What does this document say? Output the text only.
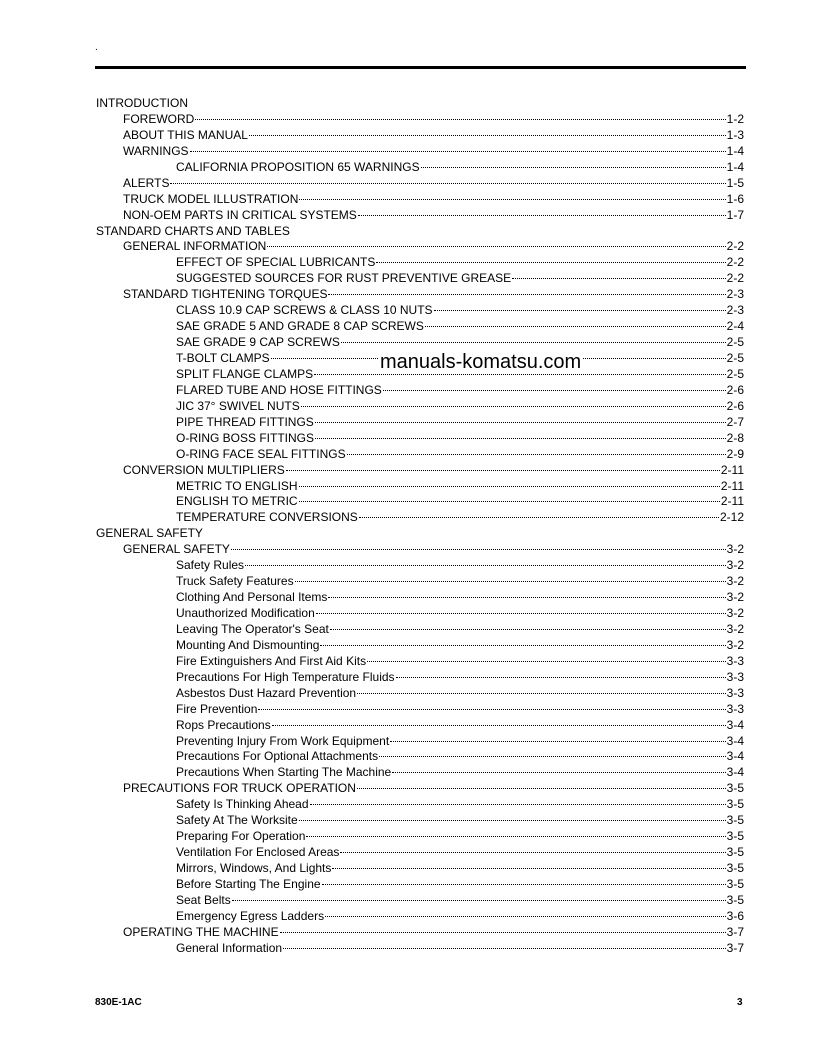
.
INTRODUCTION
FOREWORD	1-2
ABOUT THIS MANUAL	1-3
WARNINGS	1-4
CALIFORNIA PROPOSITION 65 WARNINGS	1-4
ALERTS	1-5
TRUCK MODEL ILLUSTRATION	1-6
NON-OEM PARTS IN CRITICAL SYSTEMS	1-7
STANDARD CHARTS AND TABLES
GENERAL INFORMATION	2-2
EFFECT OF SPECIAL LUBRICANTS	2-2
SUGGESTED SOURCES FOR RUST PREVENTIVE GREASE	2-2
STANDARD TIGHTENING TORQUES	2-3
CLASS 10.9 CAP SCREWS & CLASS 10 NUTS	2-3
SAE GRADE 5 AND GRADE 8 CAP SCREWS	2-4
SAE GRADE 9 CAP SCREWS	2-5
T-BOLT CLAMPS	2-5
SPLIT FLANGE CLAMPS	2-5
FLARED TUBE AND HOSE FITTINGS	2-6
JIC 37° SWIVEL NUTS	2-6
PIPE THREAD FITTINGS	2-7
O-RING BOSS FITTINGS	2-8
O-RING FACE SEAL FITTINGS	2-9
CONVERSION MULTIPLIERS	2-11
METRIC TO ENGLISH	2-11
ENGLISH TO METRIC	2-11
TEMPERATURE CONVERSIONS	2-12
GENERAL SAFETY
GENERAL SAFETY	3-2
Safety Rules	3-2
Truck Safety Features	3-2
Clothing And Personal Items	3-2
Unauthorized Modification	3-2
Leaving The Operator's Seat	3-2
Mounting And Dismounting	3-2
Fire Extinguishers And First Aid Kits	3-3
Precautions For High Temperature Fluids	3-3
Asbestos Dust Hazard Prevention	3-3
Fire Prevention	3-3
Rops Precautions	3-4
Preventing Injury From Work Equipment	3-4
Precautions For Optional Attachments	3-4
Precautions When Starting The Machine	3-4
PRECAUTIONS FOR TRUCK OPERATION	3-5
Safety Is Thinking Ahead	3-5
Safety At The Worksite	3-5
Preparing For Operation	3-5
Ventilation For Enclosed Areas	3-5
Mirrors, Windows, And Lights	3-5
Before Starting The Engine	3-5
Seat Belts	3-5
Emergency Egress Ladders	3-6
OPERATING THE MACHINE	3-7
General Information	3-7
manuals-komatsu.com
830E-1AC	3
